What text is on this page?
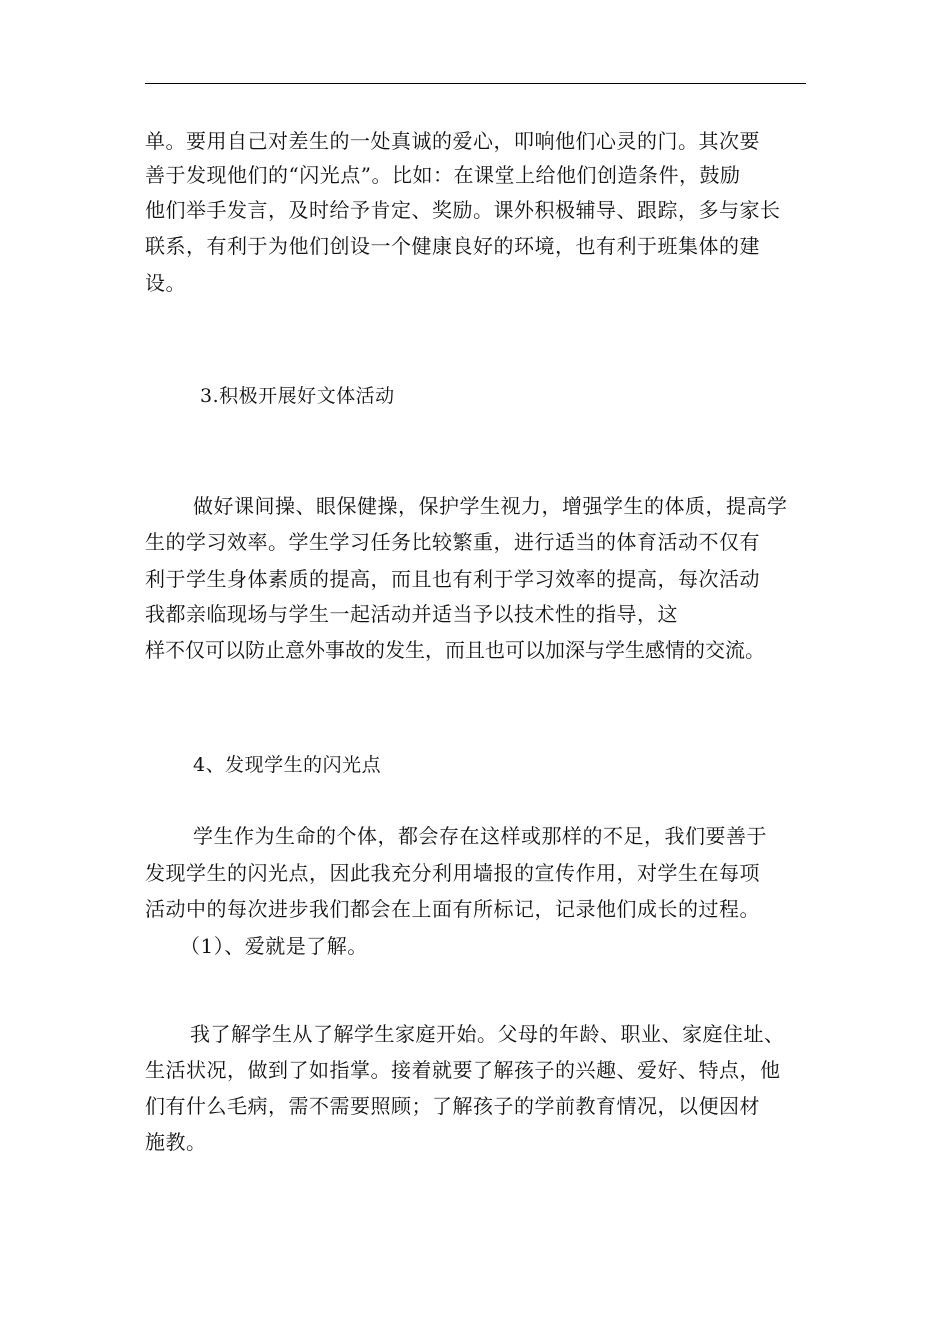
单。要用自己对差生的一处真诚的爱心，叩响他们心灵的门。其次要
善于发现他们的“闪光点”。比如：在课堂上给他们创造条件，鼓励
他们举手发言，及时给予肯定、奖励。课外积极辅导、跟踪，多与家长
联系，有利于为他们创设一个健康良好的环境，也有利于班集体的建
设。
3.积极开展好文体活动
做好课间操、眼保健操，保护学生视力，增强学生的体质，提高学
生的学习效率。学生学习任务比较繁重，进行适当的体育活动不仅有
利于学生身体素质的提高，而且也有利于学习效率的提高，每次活动
我都亲临现场与学生一起活动并适当予以技术性的指导，这
样不仅可以防止意外事故的发生，而且也可以加深与学生感情的交流。
4、发现学生的闪光点
学生作为生命的个体，都会存在这样或那样的不足，我们要善于
发现学生的闪光点，因此我充分利用墙报的宣传作用，对学生在每项
活动中的每次进步我们都会在上面有所标记，记录他们成长的过程。
（1）、爱就是了解。
我了解学生从了解学生家庭开始。父母的年龄、职业、家庭住址、
生活状况，做到了如指掌。接着就要了解孩子的兴趣、爱好、特点，他
们有什么毛病，需不需要照顾；了解孩子的学前教育情况，以便因材
施教。
